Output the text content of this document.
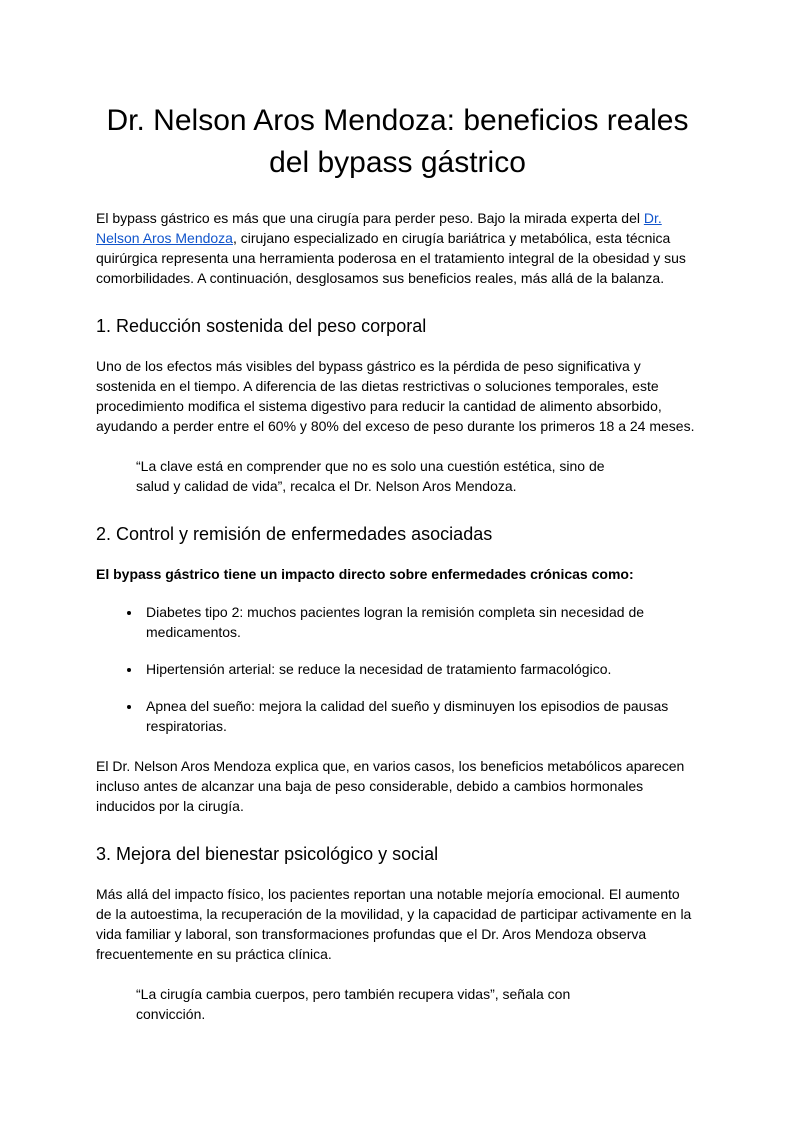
Dr. Nelson Aros Mendoza: beneficios reales del bypass gástrico

El bypass gástrico es más que una cirugía para perder peso. Bajo la mirada experta del Dr. Nelson Aros Mendoza, cirujano especializado en cirugía bariátrica y metabólica, esta técnica quirúrgica representa una herramienta poderosa en el tratamiento integral de la obesidad y sus comorbilidades. A continuación, desglosamos sus beneficios reales, más allá de la balanza.

1. Reducción sostenida del peso corporal

Uno de los efectos más visibles del bypass gástrico es la pérdida de peso significativa y sostenida en el tiempo. A diferencia de las dietas restrictivas o soluciones temporales, este procedimiento modifica el sistema digestivo para reducir la cantidad de alimento absorbido, ayudando a perder entre el 60% y 80% del exceso de peso durante los primeros 18 a 24 meses.

“La clave está en comprender que no es solo una cuestión estética, sino de salud y calidad de vida”, recalca el Dr. Nelson Aros Mendoza.

2. Control y remisión de enfermedades asociadas

El bypass gástrico tiene un impacto directo sobre enfermedades crónicas como:

• Diabetes tipo 2: muchos pacientes logran la remisión completa sin necesidad de medicamentos.
• Hipertensión arterial: se reduce la necesidad de tratamiento farmacológico.
• Apnea del sueño: mejora la calidad del sueño y disminuyen los episodios de pausas respiratorias.

El Dr. Nelson Aros Mendoza explica que, en varios casos, los beneficios metabólicos aparecen incluso antes de alcanzar una baja de peso considerable, debido a cambios hormonales inducidos por la cirugía.

3. Mejora del bienestar psicológico y social

Más allá del impacto físico, los pacientes reportan una notable mejoría emocional. El aumento de la autoestima, la recuperación de la movilidad, y la capacidad de participar activamente en la vida familiar y laboral, son transformaciones profundas que el Dr. Aros Mendoza observa frecuentemente en su práctica clínica.

“La cirugía cambia cuerpos, pero también recupera vidas”, señala con convicción.
